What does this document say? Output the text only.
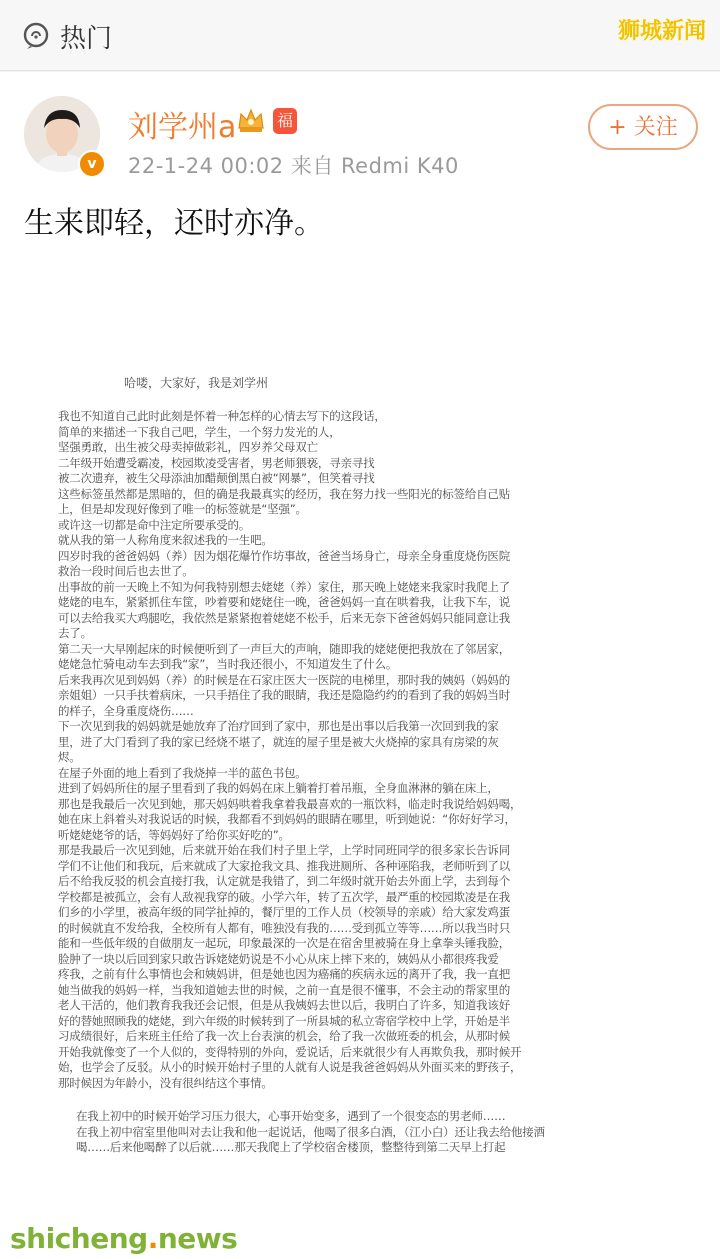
热门	狮城新闻
v
刘学州a	福
22-1-24 00:02 来自 Redmi K40
+ 关注
生来即轻，还时亦净。
哈喽，大家好，我是刘学州
我也不知道自己此时此刻是怀着一种怎样的心情去写下的这段话，
简单的来描述一下我自己吧，学生，一个努力发光的人，
坚强勇敢，出生被父母卖掉做彩礼，四岁养父母双亡
二年级开始遭受霸凌，校园欺凌受害者，男老师猥亵，寻亲寻找
被二次遗弃，被生父母添油加醋颠倒黑白被“网暴”，但笑着寻找
这些标签虽然都是黑暗的，但的确是我最真实的经历，我在努力找一些阳光的标签给自己贴
上，但是却发现好像到了唯一的标签就是“坚强”。
或许这一切都是命中注定所要承受的。
就从我的第一人称角度来叙述我的一生吧。
四岁时我的爸爸妈妈（养）因为烟花爆竹作坊事故，爸爸当场身亡，母亲全身重度烧伤医院
救治一段时间后也去世了。
出事故的前一天晚上不知为何我特别想去姥姥（养）家住，那天晚上姥姥来我家时我爬上了
姥姥的电车，紧紧抓住车筐，吵着要和姥姥住一晚，爸爸妈妈一直在哄着我，让我下车，说
可以去给我买大鸡腿吃，我依然是紧紧抱着姥姥不松手，后来无奈下爸爸妈妈只能同意让我
去了。
第二天一大早刚起床的时候便听到了一声巨大的声响，随即我的姥姥便把我放在了邻居家，
姥姥急忙骑电动车去到我“家”，当时我还很小，不知道发生了什么。
后来我再次见到妈妈（养）的时候是在石家庄医大一医院的电梯里，那时我的姨妈（妈妈的
亲姐姐）一只手扶着病床，一只手捂住了我的眼睛，我还是隐隐约约的看到了我的妈妈当时
的样子，全身重度烧伤……
下一次见到我的妈妈就是她放弃了治疗回到了家中，那也是出事以后我第一次回到我的家
里，进了大门看到了我的家已经烧不堪了，就连的屋子里是被大火烧掉的家具有房梁的灰
烬。
在屋子外面的地上看到了我烧掉一半的蓝色书包。
进到了妈妈所住的屋子里看到了我的妈妈在床上躺着打着吊瓶，全身血淋淋的躺在床上，
那也是我最后一次见到她，那天妈妈哄着我拿着我最喜欢的一瓶饮料，临走时我说给妈妈喝，
她在床上斜着头对我说话的时候，我都看不到妈妈的眼睛在哪里，听到她说：“你好好学习，
听姥姥姥爷的话，等妈妈好了给你买好吃的”。
那是我最后一次见到她，后来就开始在我们村子里上学，上学时同班同学的很多家长告诉同
学们不让他们和我玩，后来就成了大家抢我文具、推我进厕所、各种诬陷我，老师听到了以
后不给我反驳的机会直接打我，认定就是我错了，到二年级时就开始去外面上学，去到每个
学校都是被孤立，会有人敌视我穿的破。小学六年，转了五次学，最严重的校园欺凌是在我
们乡的小学里，被高年级的同学扯掉的，餐厅里的工作人员（校领导的亲戚）给大家发鸡蛋
的时候就直不发给我，全校所有人都有，唯独没有我的……受到孤立等等……所以我当时只
能和一些低年级的自做朋友一起玩，印象最深的一次是在宿舍里被骑在身上拿拳头锤我脸，
脸肿了一块以后回到家只敢告诉姥姥奶说是不小心从床上摔下来的，姨妈从小都很疼我爱
疼我，之前有什么事情也会和姨妈讲，但是她也因为癌痛的疾病永远的离开了我，我一直把
她当做我的妈妈一样，当我知道她去世的时候，之前一直是很不懂事，不会主动的帮家里的
老人干活的，他们教育我我还会记恨，但是从我姨妈去世以后，我明白了许多，知道我该好
好的替她照顾我的姥姥，到六年级的时候转到了一所县城的私立寄宿学校中上学，开始是半
习成绩很好，后来班主任给了我一次上台表演的机会，给了我一次做班委的机会，从那时候
开始我就像变了一个人似的，变得特别的外向，爱说话，后来就很少有人再欺负我，那时候开
始，也学会了反驳。从小的时候开始村子里的人就有人说是我爸爸妈妈从外面买来的野孩子，
那时候因为年龄小，没有很纠结这个事情。
在我上初中的时候开始学习压力很大，心事开始变多，遇到了一个很变态的男老师……
在我上初中宿室里他叫对去让我和他一起说话，他喝了很多白酒，（江小白）还让我去给他接酒
喝……后来他喝醉了以后就……那天我爬上了学校宿舍楼顶，整整待到第二天早上打起
shicheng.news
